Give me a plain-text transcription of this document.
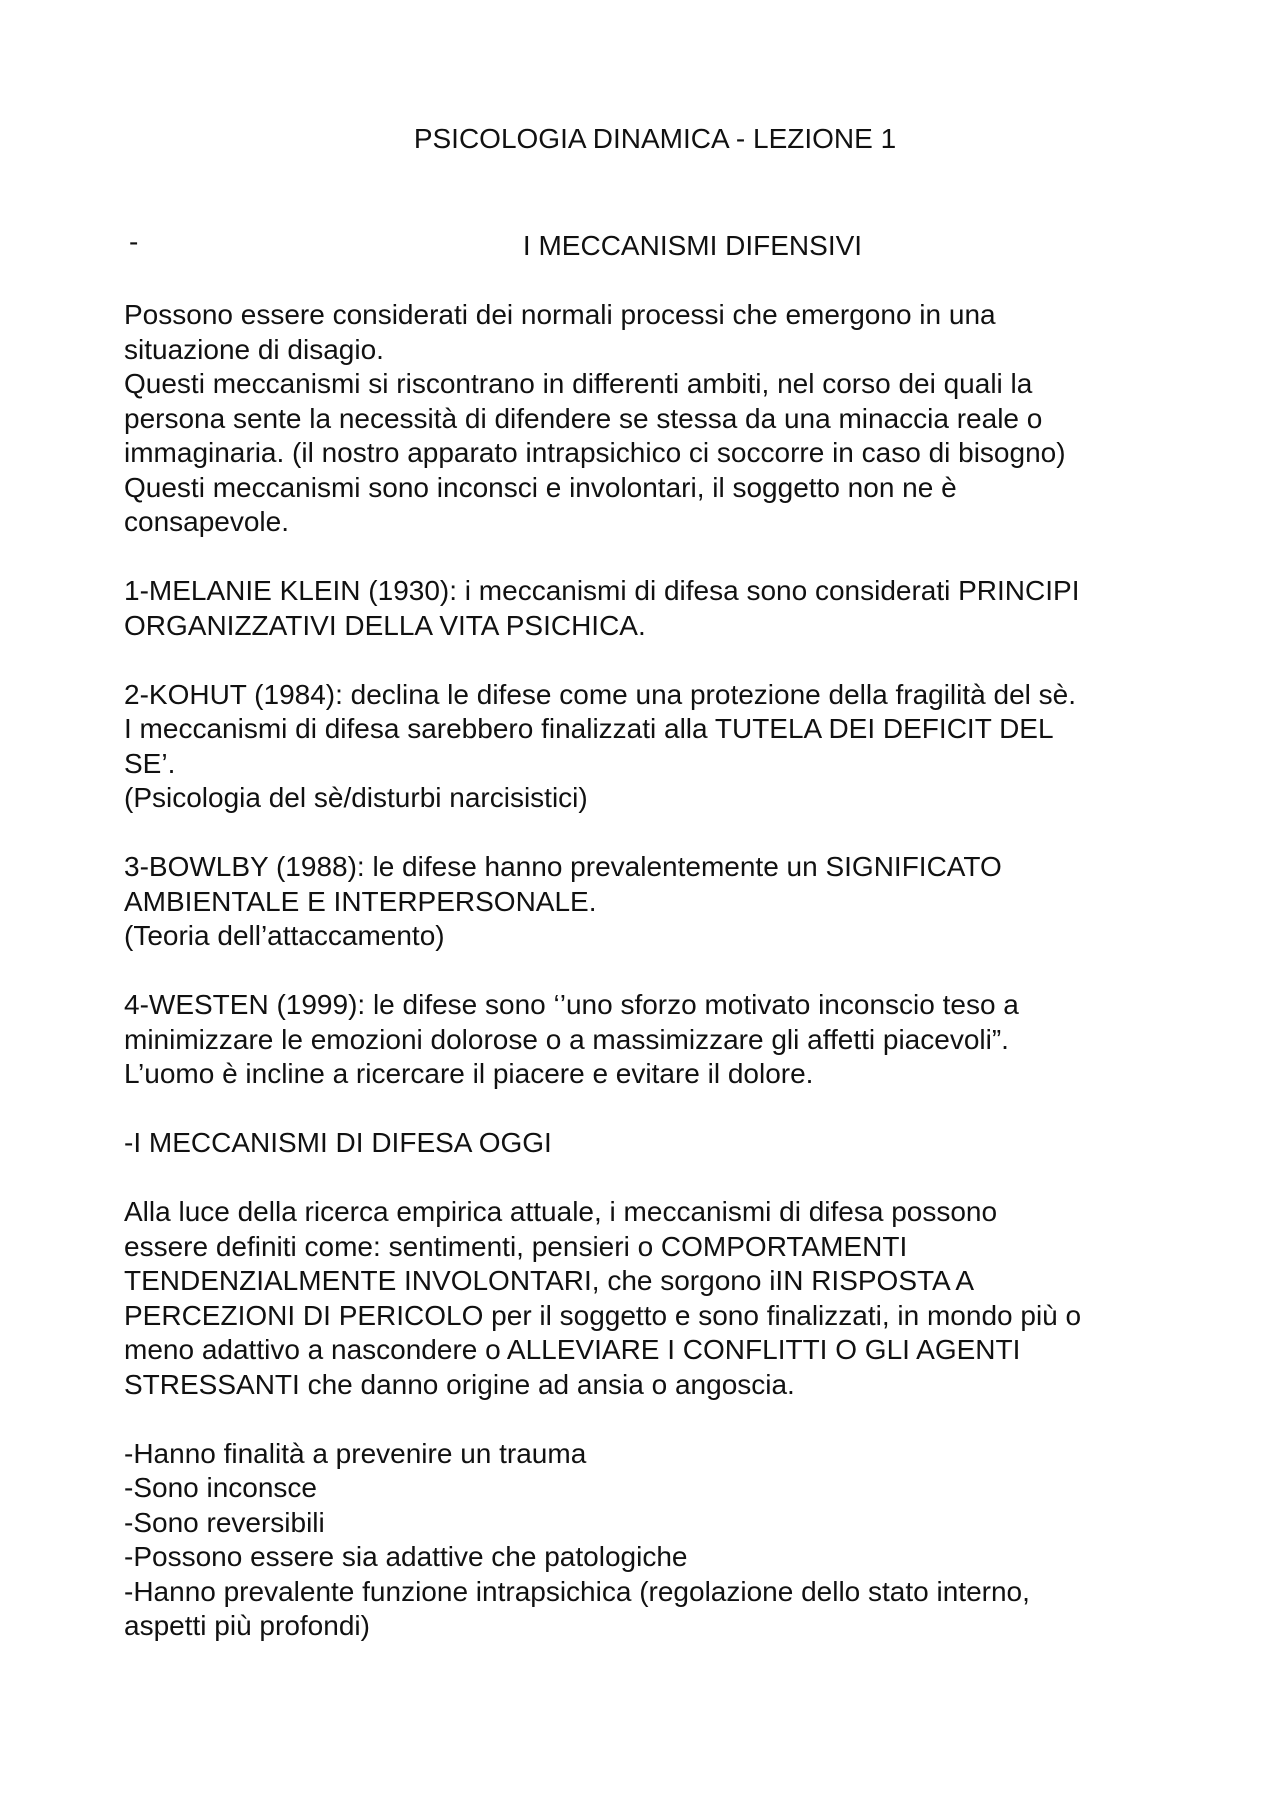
PSICOLOGIA DINAMICA - LEZIONE 1
-	I MECCANISMI DIFENSIVI

Possono essere considerati dei normali processi che emergono in una

situazione di disagio.

Questi meccanismi si riscontrano in differenti ambiti, nel corso dei quali la

persona sente la necessità di difendere se stessa da una minaccia reale o

immaginaria. (il nostro apparato intrapsichico ci soccorre in caso di bisogno)

Questi meccanismi sono inconsci e involontari, il soggetto non ne è

consapevole.

1-MELANIE KLEIN (1930): i meccanismi di difesa sono considerati PRINCIPI

ORGANIZZATIVI DELLA VITA PSICHICA.

2-KOHUT (1984): declina le difese come una protezione della fragilità del sè.

I meccanismi di difesa sarebbero finalizzati alla TUTELA DEI DEFICIT DEL

SE’.

(Psicologia del sè/disturbi narcisistici)

3-BOWLBY (1988): le difese hanno prevalentemente un SIGNIFICATO

AMBIENTALE E INTERPERSONALE.

(Teoria dell’attaccamento)

4-WESTEN (1999): le difese sono ‘’uno sforzo motivato inconscio teso a

minimizzare le emozioni dolorose o a massimizzare gli affetti piacevoli”.

L’uomo è incline a ricercare il piacere e evitare il dolore.

-I MECCANISMI DI DIFESA OGGI

Alla luce della ricerca empirica attuale, i meccanismi di difesa possono

essere definiti come: sentimenti, pensieri o COMPORTAMENTI

TENDENZIALMENTE INVOLONTARI, che sorgono iIN RISPOSTA A

PERCEZIONI DI PERICOLO per il soggetto e sono finalizzati, in mondo più o

meno adattivo a nascondere o ALLEVIARE I CONFLITTI O GLI AGENTI

STRESSANTI che danno origine ad ansia o angoscia.

-Hanno finalità a prevenire un trauma

-Sono inconsce

-Sono reversibili

-Possono essere sia adattive che patologiche

-Hanno prevalente funzione intrapsichica (regolazione dello stato interno,

aspetti più profondi)
